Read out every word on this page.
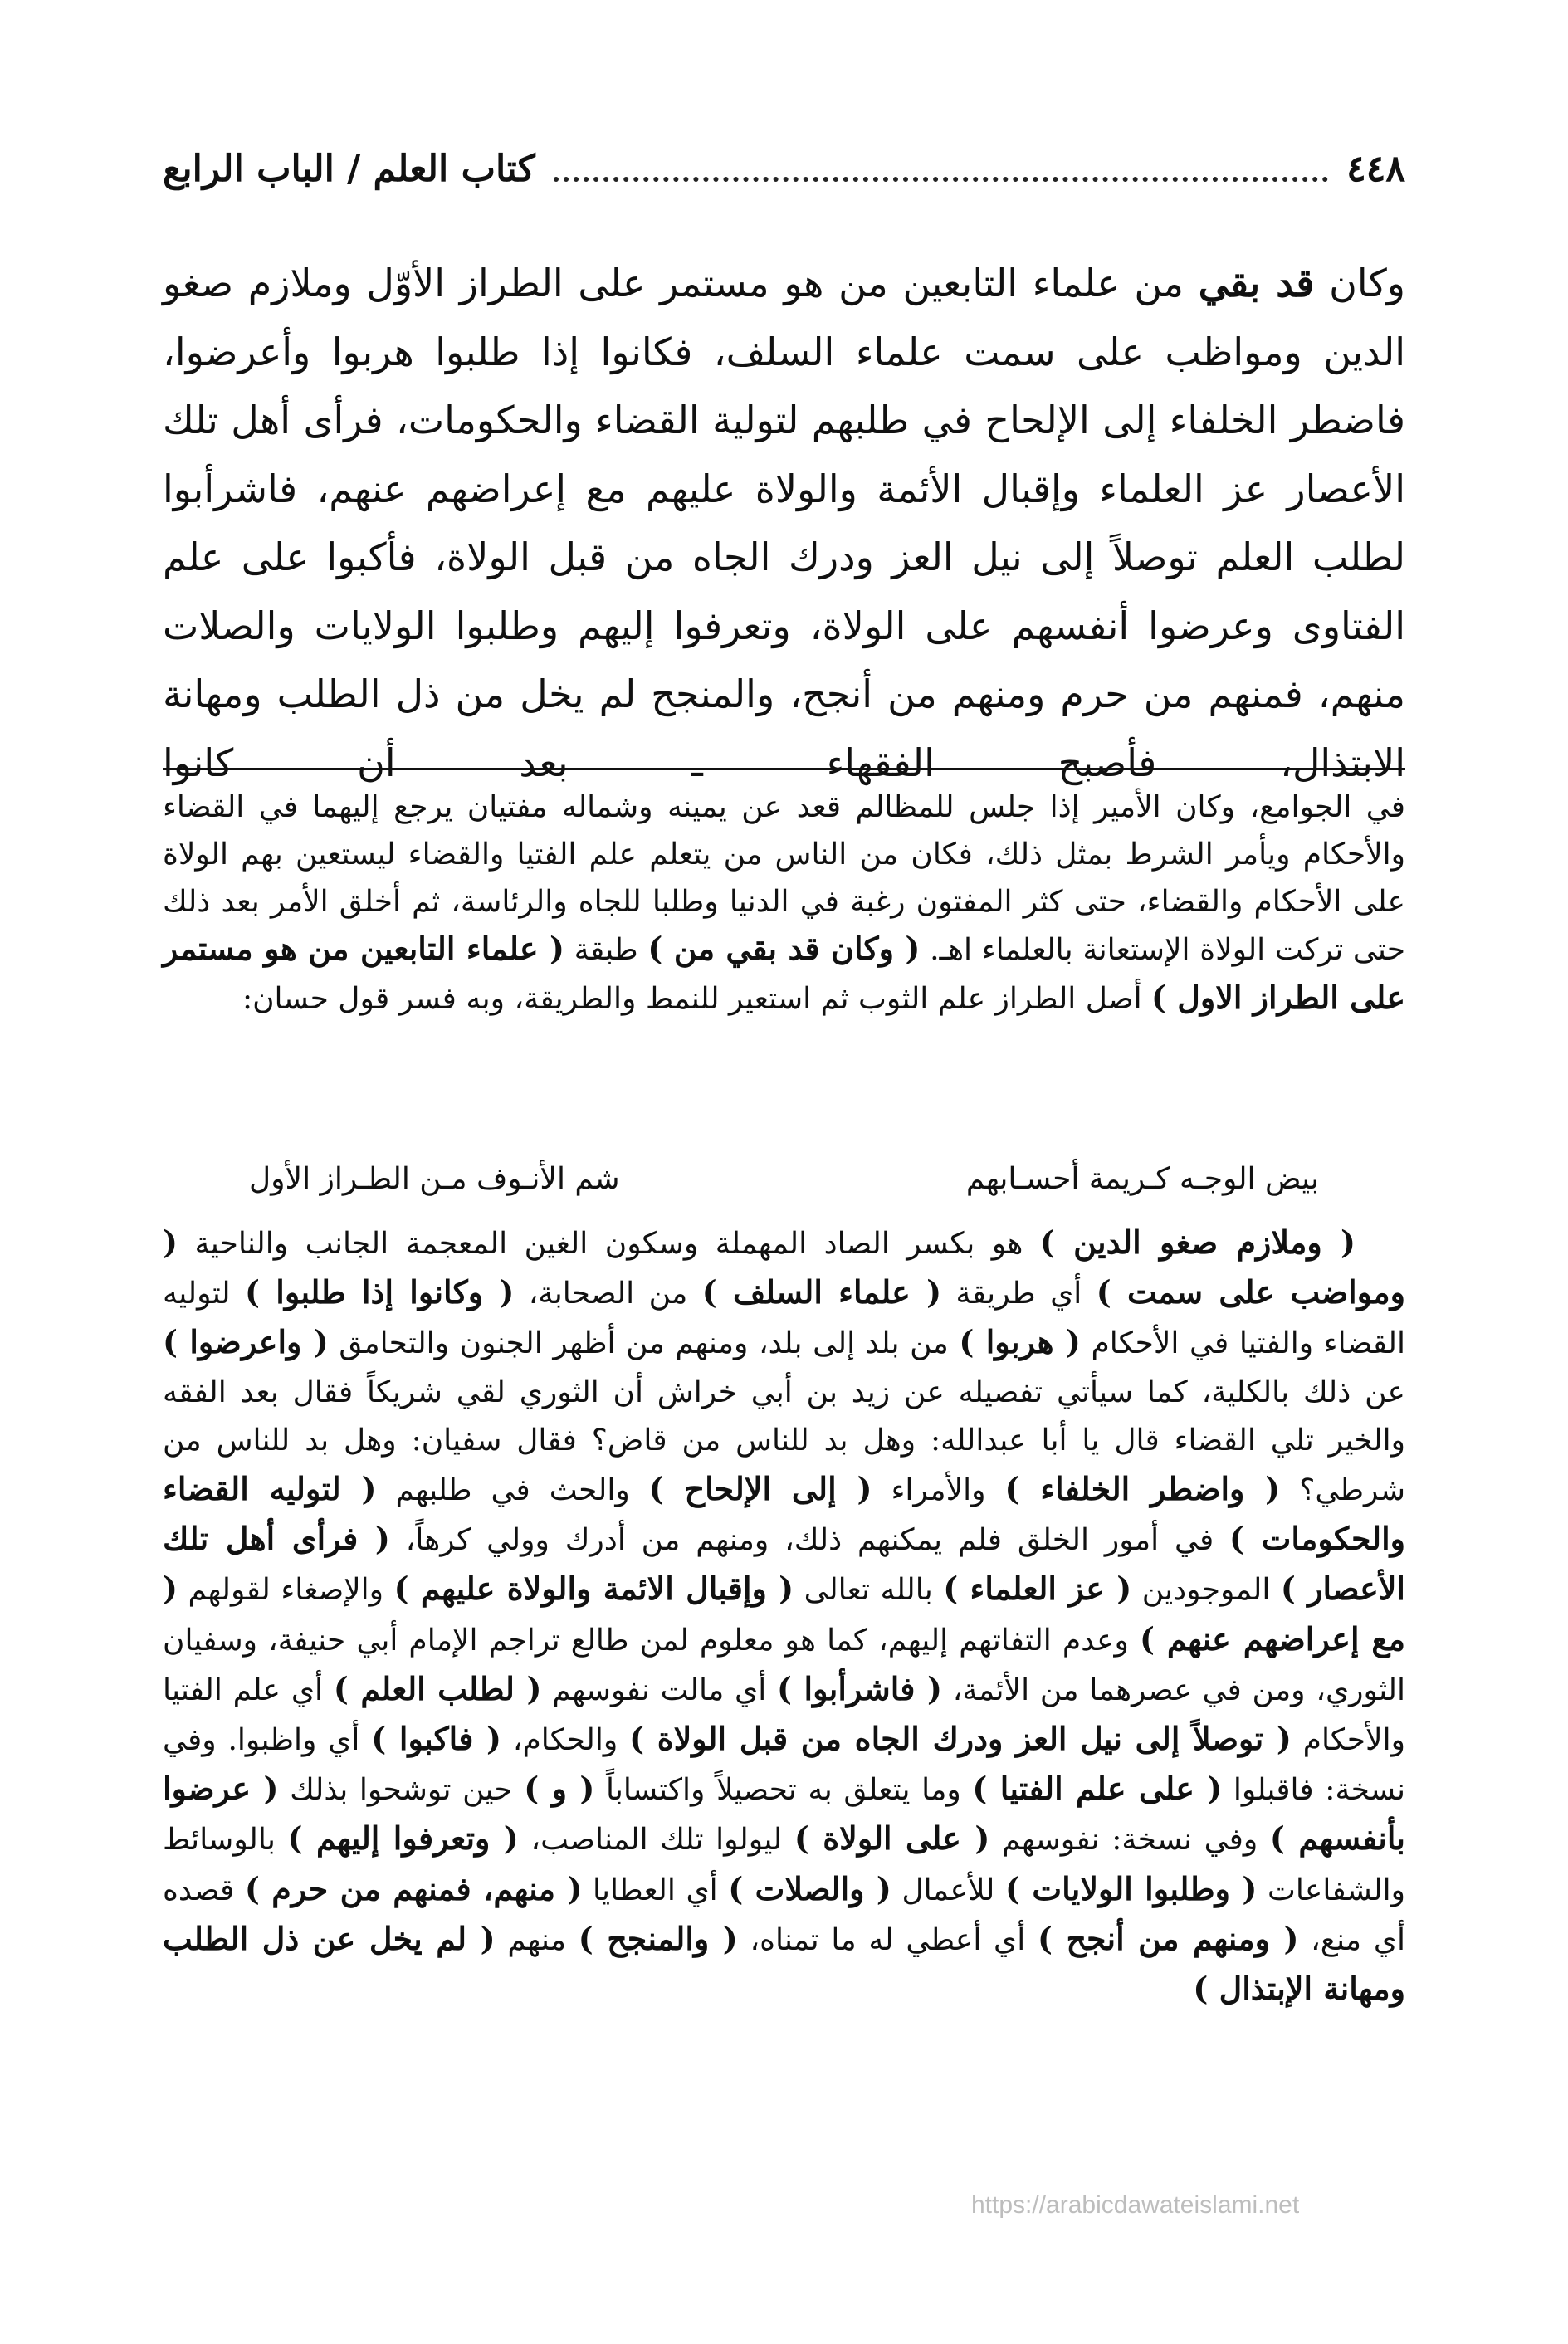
٤٤٨
كتاب العلم / الباب الرابع

وكان قد بقي من علماء التابعين من هو مستمر على الطراز الأوّل وملازم صغو الدين ومواظب على سمت علماء السلف، فكانوا إذا طلبوا هربوا وأعرضوا، فاضطر الخلفاء إلى الإلحاح في طلبهم لتولية القضاء والحكومات، فرأى أهل تلك الأعصار عز العلماء وإقبال الأئمة والولاة عليهم مع إعراضهم عنهم، فاشرأبوا لطلب العلم توصلاً إلى نيل العز ودرك الجاه من قبل الولاة، فأكبوا على علم الفتاوى وعرضوا أنفسهم على الولاة، وتعرفوا إليهم وطلبوا الولايات والصلات منهم، فمنهم من حرم ومنهم من أنجح، والمنجح لم يخل من ذل الطلب ومهانة الابتذال، فأصبح الفقهاء ـ بعد أن كانوا

في الجوامع، وكان الأمير إذا جلس للمظالم قعد عن يمينه وشماله مفتيان يرجع إليهما في القضاء والأحكام ويأمر الشرط بمثل ذلك، فكان من الناس من يتعلم علم الفتيا والقضاء ليستعين بهم الولاة على الأحكام والقضاء، حتى كثر المفتون رغبة في الدنيا وطلبا للجاه والرئاسة، ثم أخلق الأمر بعد ذلك حتى تركت الولاة الإستعانة بالعلماء اهـ. ( وكان قد بقي من ) طبقة ( علماء التابعين من هو مستمر على الطراز الاول ) أصل الطراز علم الثوب ثم استعير للنمط والطريقة، وبه فسر قول حسان:

بيض الوجـه كـريمة أحسـابهم
شم الأنـوف مـن الطـراز الأول

( وملازم صغو الدين ) هو بكسر الصاد المهملة وسكون الغين المعجمة الجانب والناحية ( ومواضب على سمت ) أي طريقة ( علماء السلف ) من الصحابة، ( وكانوا إذا طلبوا ) لتوليه القضاء والفتيا في الأحكام ( هربوا ) من بلد إلى بلد، ومنهم من أظهر الجنون والتحامق ( واعرضوا ) عن ذلك بالكلية، كما سيأتي تفصيله عن زيد بن أبي خراش أن الثوري لقي شريكاً فقال بعد الفقه والخير تلي القضاء قال يا أبا عبدالله: وهل بد للناس من قاض؟ فقال سفيان: وهل بد للناس من شرطي؟ ( واضطر الخلفاء ) والأمراء ( إلى الإلحاح ) والحث في طلبهم ( لتوليه القضاء والحكومات ) في أمور الخلق فلم يمكنهم ذلك، ومنهم من أدرك وولي كرهاً، ( فرأى أهل تلك الأعصار ) الموجودين ( عز العلماء ) بالله تعالى ( وإقبال الائمة والولاة عليهم ) والإصغاء لقولهم ( مع إعراضهم عنهم ) وعدم التفاتهم إليهم، كما هو معلوم لمن طالع تراجم الإمام أبي حنيفة، وسفيان الثوري، ومن في عصرهما من الأئمة، ( فاشرأبوا ) أي مالت نفوسهم ( لطلب العلم ) أي علم الفتيا والأحكام ( توصلاً إلى نيل العز ودرك الجاه من قبل الولاة ) والحكام، ( فاكبوا ) أي واظبوا. وفي نسخة: فاقبلوا ( على علم الفتيا ) وما يتعلق به تحصيلاً واكتساباً ( و ) حين توشحوا بذلك ( عرضوا بأنفسهم ) وفي نسخة: نفوسهم ( على الولاة ) ليولوا تلك المناصب، ( وتعرفوا إليهم ) بالوسائط والشفاعات ( وطلبوا الولايات ) للأعمال ( والصلات ) أي العطايا ( منهم، فمنهم من حرم ) قصده أي منع، ( ومنهم من أنجح ) أي أعطي له ما تمناه، ( والمنجح ) منهم ( لم يخل عن ذل الطلب ومهانة الإبتذال )

https://arabicdawateislami.net
